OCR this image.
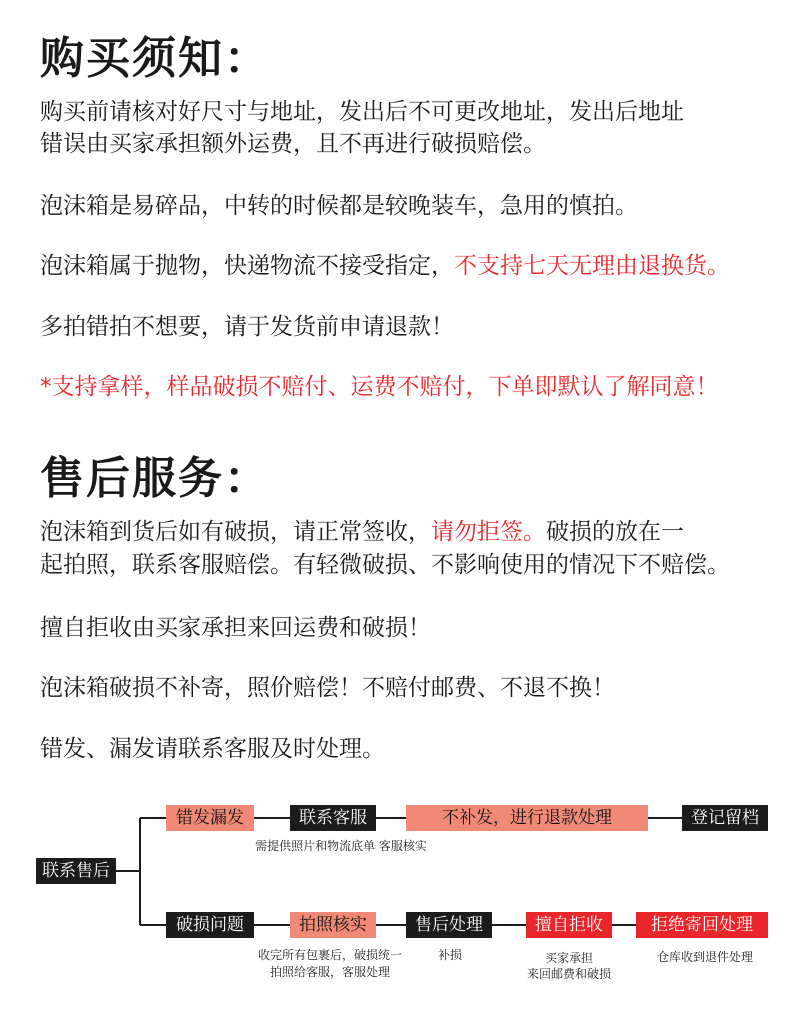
购买须知：

购买前请核对好尺寸与地址，发出后不可更改地址，发出后地址

错误由买家承担额外运费，且不再进行破损赔偿。

泡沫箱是易碎品，中转的时候都是较晚装车，急用的慎拍。

泡沫箱属于抛物，快递物流不接受指定，不支持七天无理由退换货。

多拍错拍不想要，请于发货前申请退款！

*支持拿样，样品破损不赔付、运费不赔付，下单即默认了解同意！

售后服务：

泡沫箱到货后如有破损，请正常签收，请勿拒签。破损的放在一

起拍照，联系客服赔偿。有轻微破损、不影响使用的情况下不赔偿。

擅自拒收由买家承担来回运费和破损！

泡沫箱破损不补寄，照价赔偿！不赔付邮费、不退不换！

错发、漏发请联系客服及时处理。

联系售后
错发漏发	联系客服	不补发，进行退款处理	登记留档
需提供照片和物流底单 客服核实
破损问题	拍照核实	售后处理	擅自拒收	拒绝寄回处理
收完所有包裹后，破损统一
拍照给客服，客服处理
补损	买家承担
来回邮费和破损
仓库收到退件处理
